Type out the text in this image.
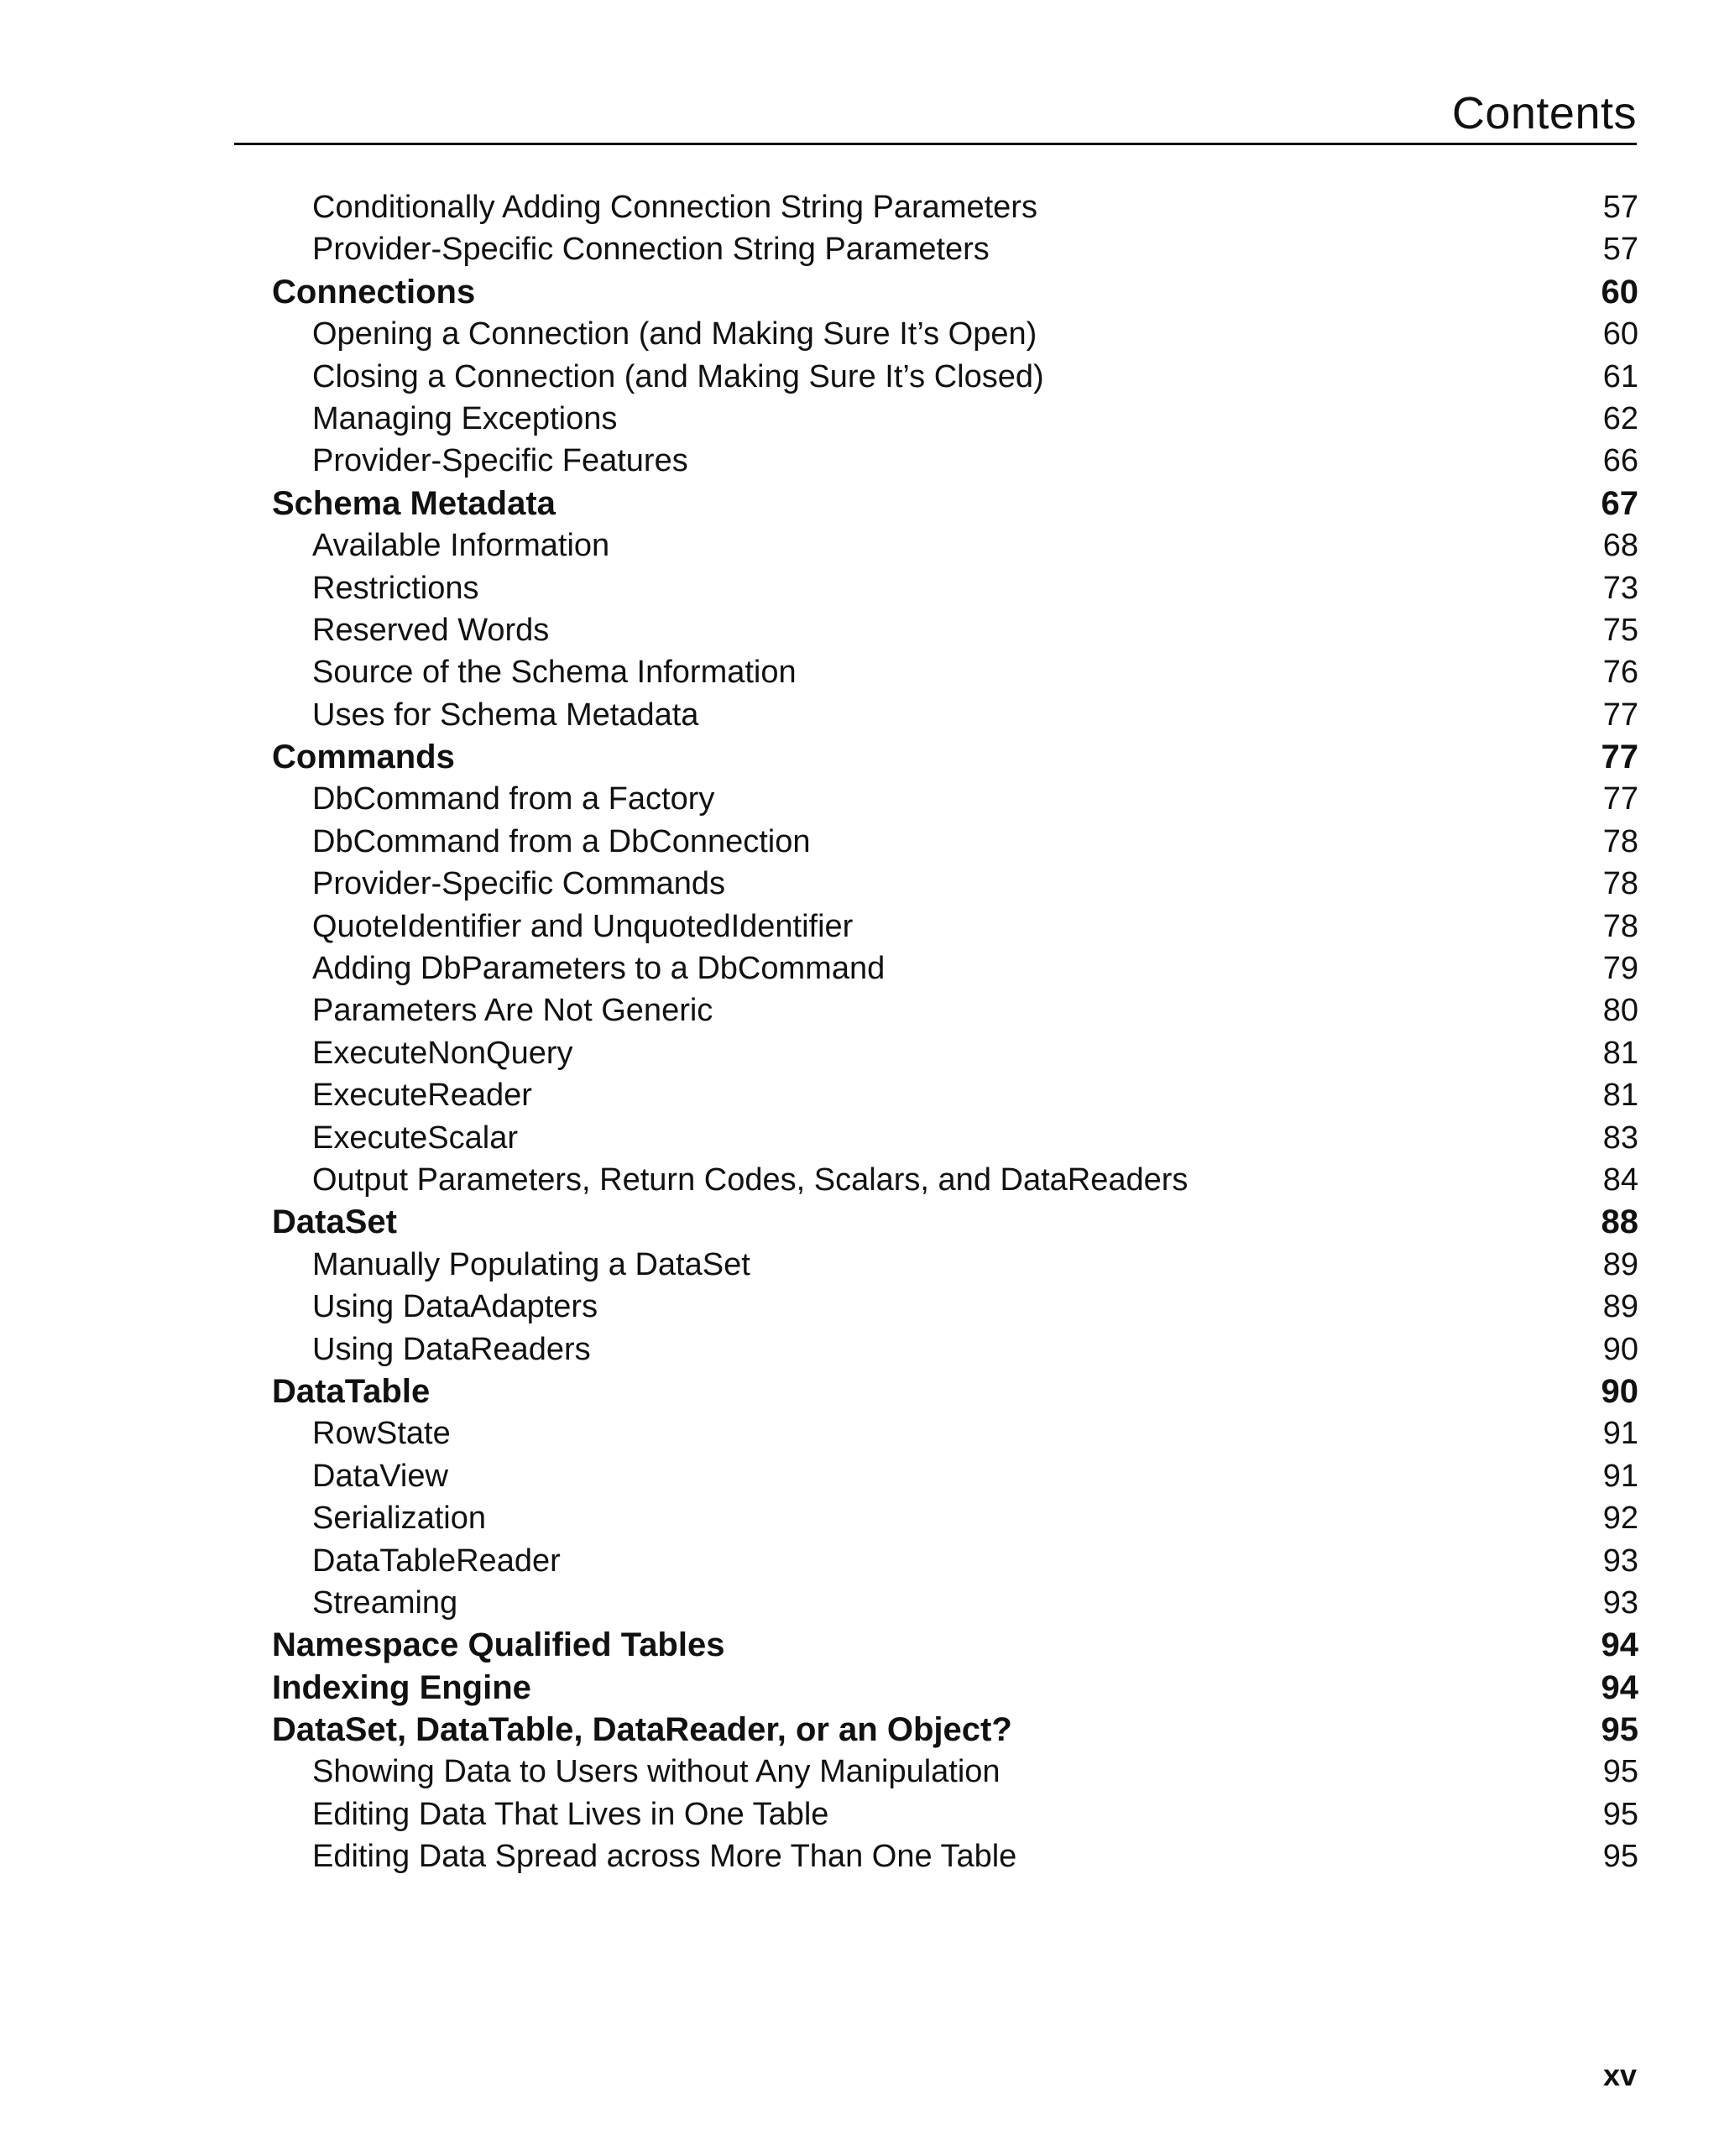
Contents
Conditionally Adding Connection String Parameters	57
Provider-Specific Connection String Parameters	57
Connections	60
Opening a Connection (and Making Sure It’s Open)	60
Closing a Connection (and Making Sure It’s Closed)	61
Managing Exceptions	62
Provider-Specific Features	66
Schema Metadata	67
Available Information	68
Restrictions	73
Reserved Words	75
Source of the Schema Information	76
Uses for Schema Metadata	77
Commands	77
DbCommand from a Factory	77
DbCommand from a DbConnection	78
Provider-Specific Commands	78
QuoteIdentifier and UnquotedIdentifier	78
Adding DbParameters to a DbCommand	79
Parameters Are Not Generic	80
ExecuteNonQuery	81
ExecuteReader	81
ExecuteScalar	83
Output Parameters, Return Codes, Scalars, and DataReaders	84
DataSet	88
Manually Populating a DataSet	89
Using DataAdapters	89
Using DataReaders	90
DataTable	90
RowState	91
DataView	91
Serialization	92
DataTableReader	93
Streaming	93
Namespace Qualified Tables	94
Indexing Engine	94
DataSet, DataTable, DataReader, or an Object?	95
Showing Data to Users without Any Manipulation	95
Editing Data That Lives in One Table	95
Editing Data Spread across More Than One Table	95
xv
